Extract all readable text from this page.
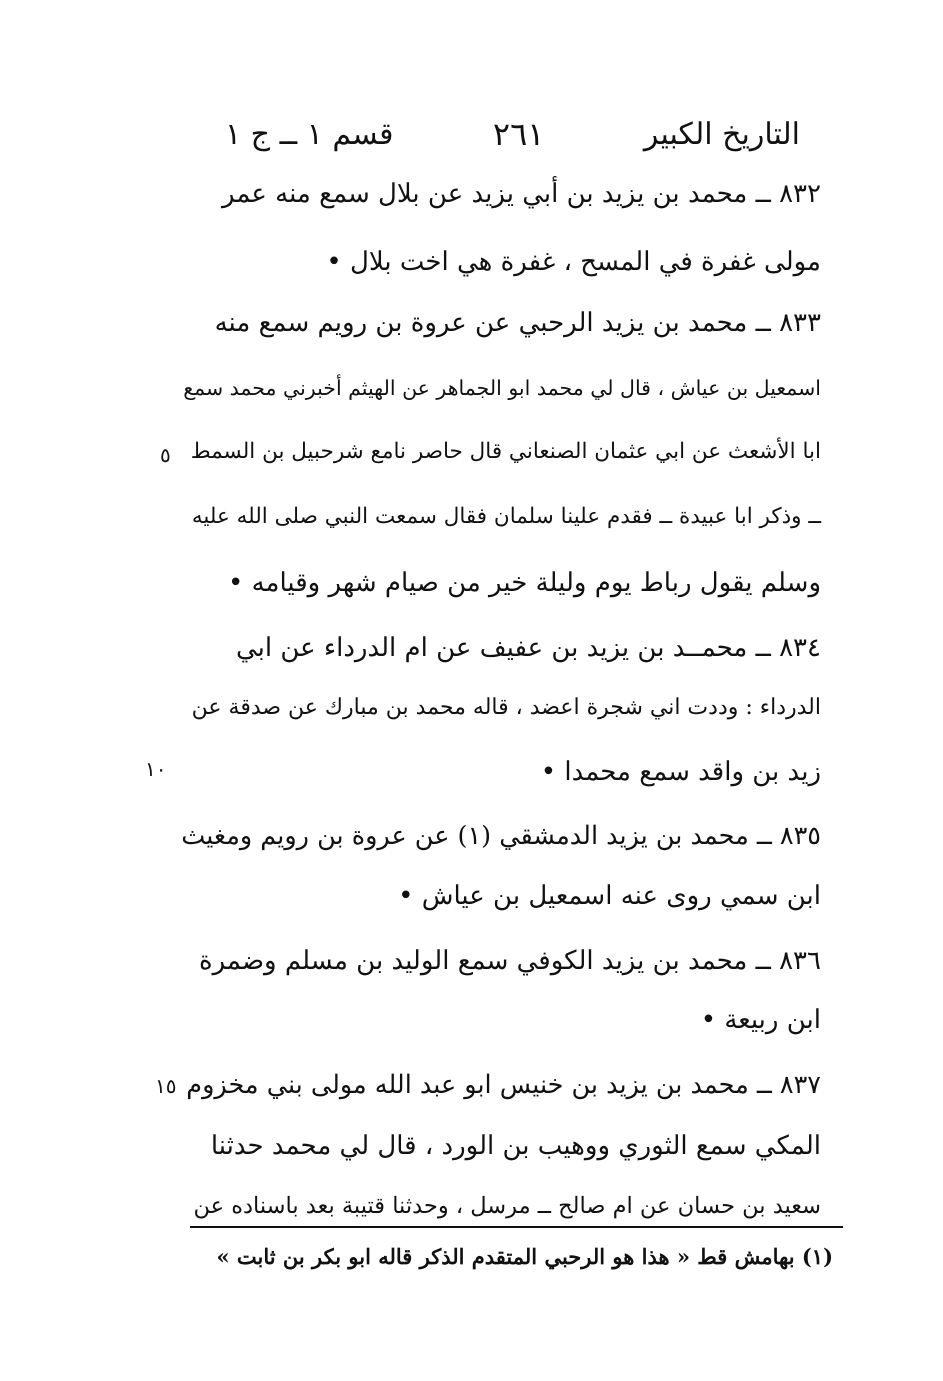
التاريخ الكبير
٢٦١
قسم ١ ــ ج ١
٨٣٢ ــ محمد بن يزيد بن أبي يزيد عن بلال سمع منه عمر
مولى غفرة في المسح ، غفرة هي اخت بلال •
٨٣٣ ــ محمد بن يزيد الرحبي عن عروة بن رويم سمع منه
اسمعيل بن عياش ، قال لي محمد ابو الجماهر عن الهيثم أخبرني محمد سمع
ابا الأشعث عن ابي عثمان الصنعاني قال حاصر نامع شرحبيل بن السمط
ــ وذكر ابا عبيدة ــ فقدم علينا سلمان فقال سمعت النبي صلى الله عليه
وسلم يقول رباط يوم وليلة خير من صيام شهر وقيامه •
٨٣٤ ــ محمــد بن يزيد بن عفيف عن ام الدرداء عن ابي
الدرداء : وددت اني شجرة اعضد ، قاله محمد بن مبارك عن صدقة عن
زيد بن واقد سمع محمدا •
٨٣٥ ــ محمد بن يزيد الدمشقي (١) عن عروة بن رويم ومغيث
ابن سمي روى عنه اسمعيل بن عياش •
٨٣٦ ــ محمد بن يزيد الكوفي سمع الوليد بن مسلم وضمرة
ابن ربيعة •
٨٣٧ ــ محمد بن يزيد بن خنيس ابو عبد الله مولى بني مخزوم
المكي سمع الثوري ووهيب بن الورد ، قال لي محمد حدثنا
سعيد بن حسان عن ام صالح ــ مرسل ، وحدثنا قتيبة بعد باسناده عن
٥
١٠
١٥
(١) بهامش قط « هذا هو الرحبي المتقدم الذكر قاله ابو بكر بن ثابت »
